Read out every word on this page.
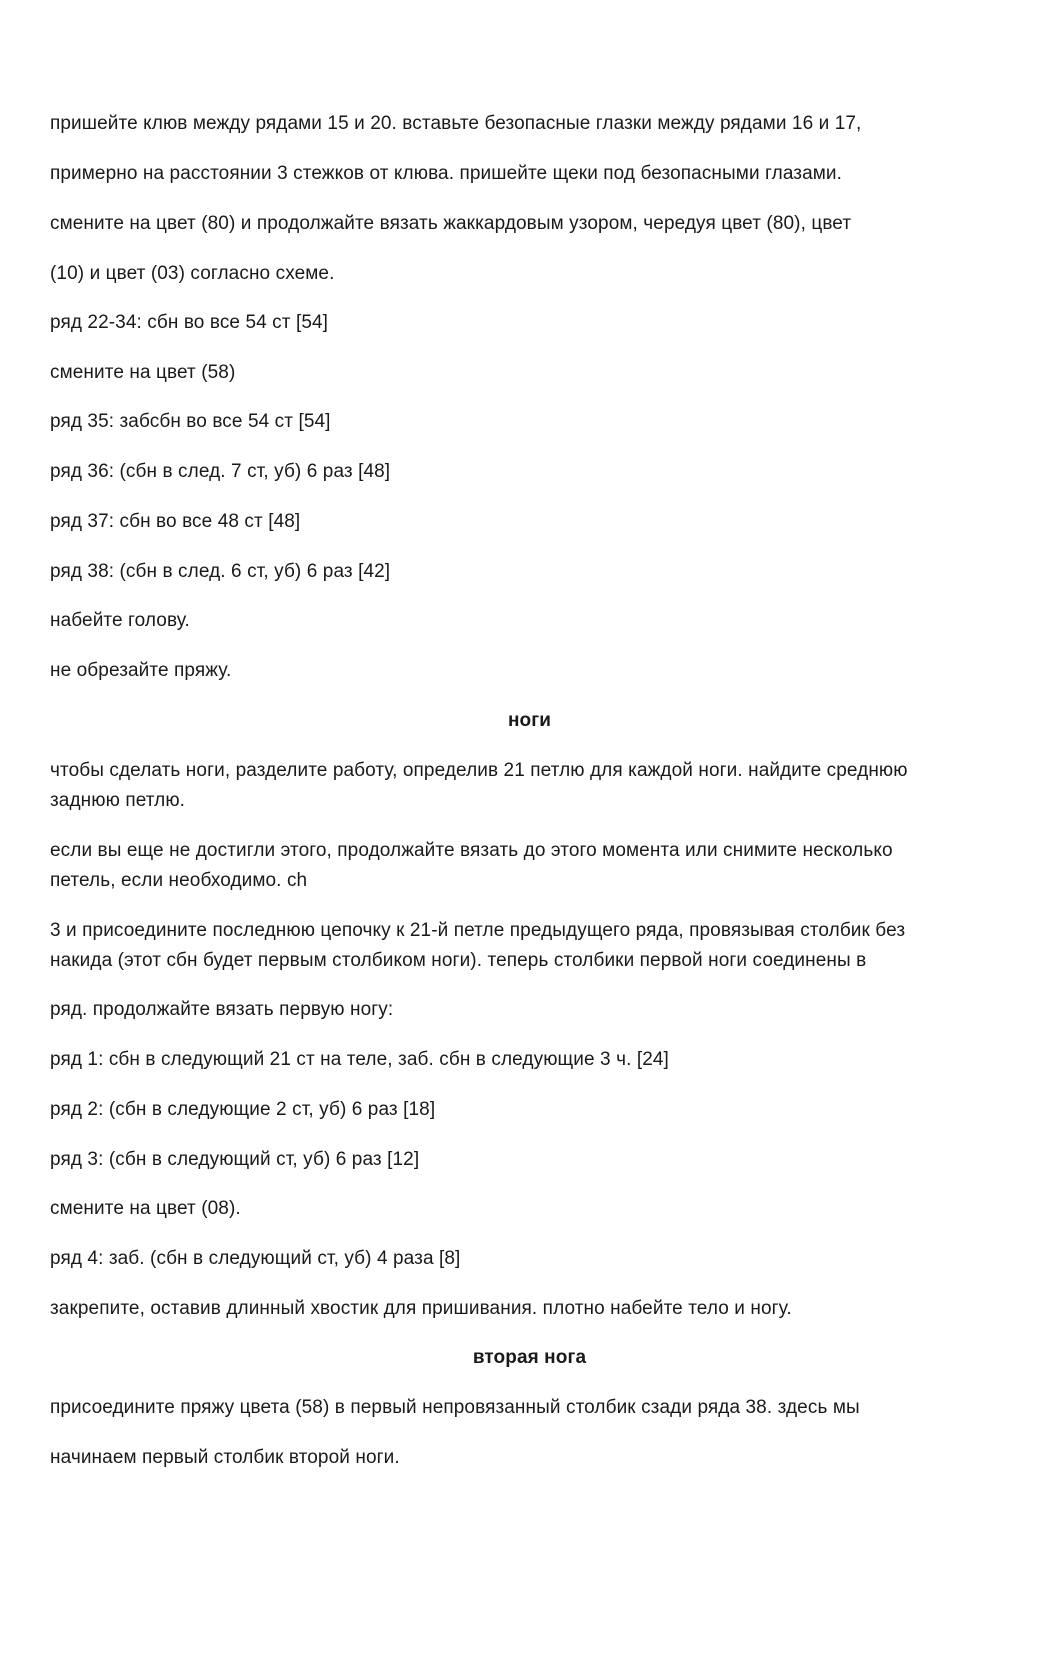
пришейте клюв между рядами 15 и 20. вставьте безопасные глазки между рядами 16 и 17,
примерно на расстоянии 3 стежков от клюва. пришейте щеки под безопасными глазами.
смените на цвет (80) и продолжайте вязать жаккардовым узором, чередуя цвет (80), цвет
(10) и цвет (03) согласно схеме.
ряд 22-34: сбн во все 54 ст [54]
смените на цвет (58)
ряд 35: забсбн во все 54 ст [54]
ряд 36: (сбн в след. 7 ст, уб) 6 раз [48]
ряд 37: сбн во все 48 ст [48]
ряд 38: (сбн в след. 6 ст, уб) 6 раз [42]
набейте голову.
не обрезайте пряжу.
ноги
чтобы сделать ноги, разделите работу, определив 21 петлю для каждой ноги. найдите среднюю
заднюю петлю.
если вы еще не достигли этого, продолжайте вязать до этого момента или снимите несколько
петель, если необходимо. ch
3 и присоедините последнюю цепочку к 21-й петле предыдущего ряда, провязывая столбик без
накида (этот сбн будет первым столбиком ноги). теперь столбики первой ноги соединены в
ряд. продолжайте вязать первую ногу:
ряд 1: сбн в следующий 21 ст на теле, заб. сбн в следующие 3 ч. [24]
ряд 2: (сбн в следующие 2 ст, уб) 6 раз [18]
ряд 3: (сбн в следующий ст, уб) 6 раз [12]
смените на цвет (08).
ряд 4: заб. (сбн в следующий ст, уб) 4 раза [8]
закрепите, оставив длинный хвостик для пришивания. плотно набейте тело и ногу.
вторая нога
присоедините пряжу цвета (58) в первый непровязанный столбик сзади ряда 38. здесь мы
начинаем первый столбик второй ноги.
